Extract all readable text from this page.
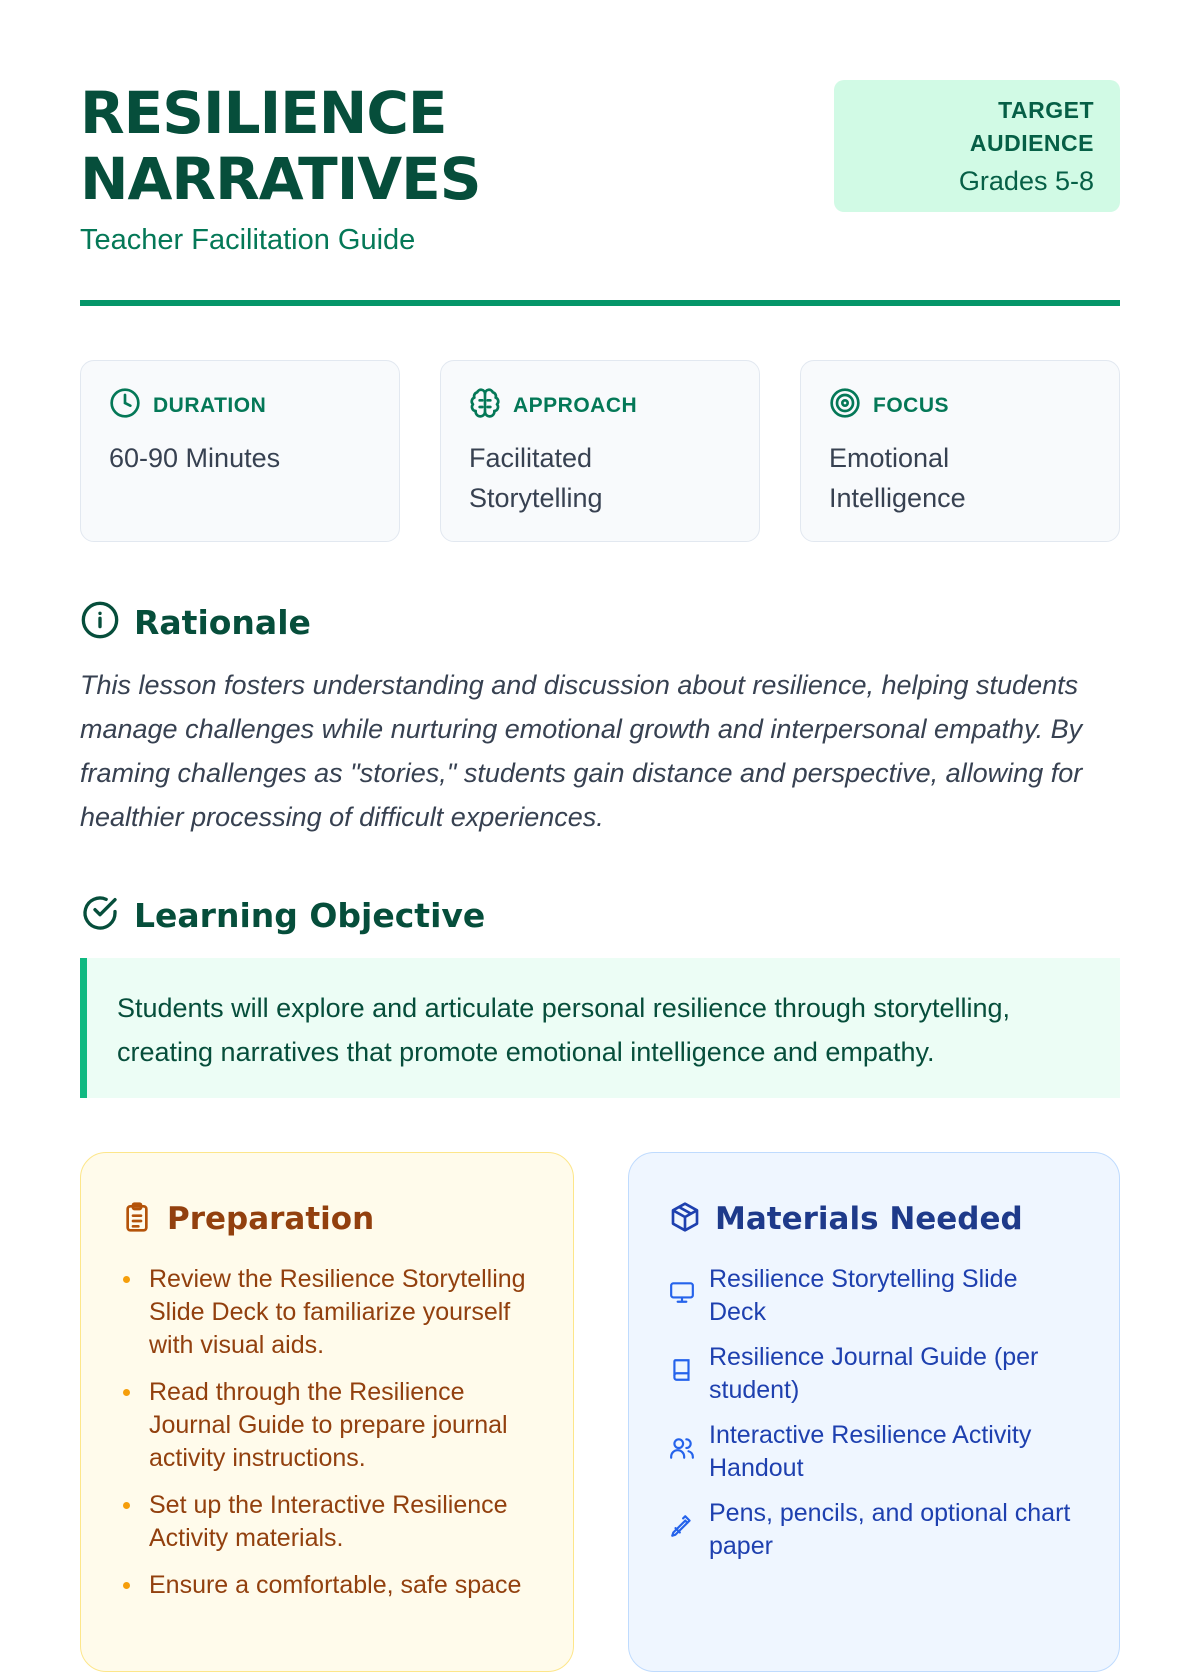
RESILIENCE
NARRATIVES
Teacher Facilitation Guide
TARGET
AUDIENCE
Grades 5-8
DURATION
60-90 Minutes
APPROACH
Facilitated Storytelling
FOCUS
Emotional Intelligence
Rationale

This lesson fosters understanding and discussion about resilience, helping students manage challenges while nurturing emotional growth and interpersonal empathy. By framing challenges as "stories," students gain distance and perspective, allowing for healthier processing of difficult experiences.

Learning Objective
Students will explore and articulate personal resilience through storytelling, creating narratives that promote emotional intelligence and empathy.
Preparation
Review the Resilience Storytelling Slide Deck to familiarize yourself with visual aids.
Read through the Resilience Journal Guide to prepare journal activity instructions.
Set up the Interactive Resilience Activity materials.
Ensure a comfortable, safe space
Materials Needed
Resilience Storytelling Slide Deck
Resilience Journal Guide (per student)
Interactive Resilience Activity Handout
Pens, pencils, and optional chart paper
